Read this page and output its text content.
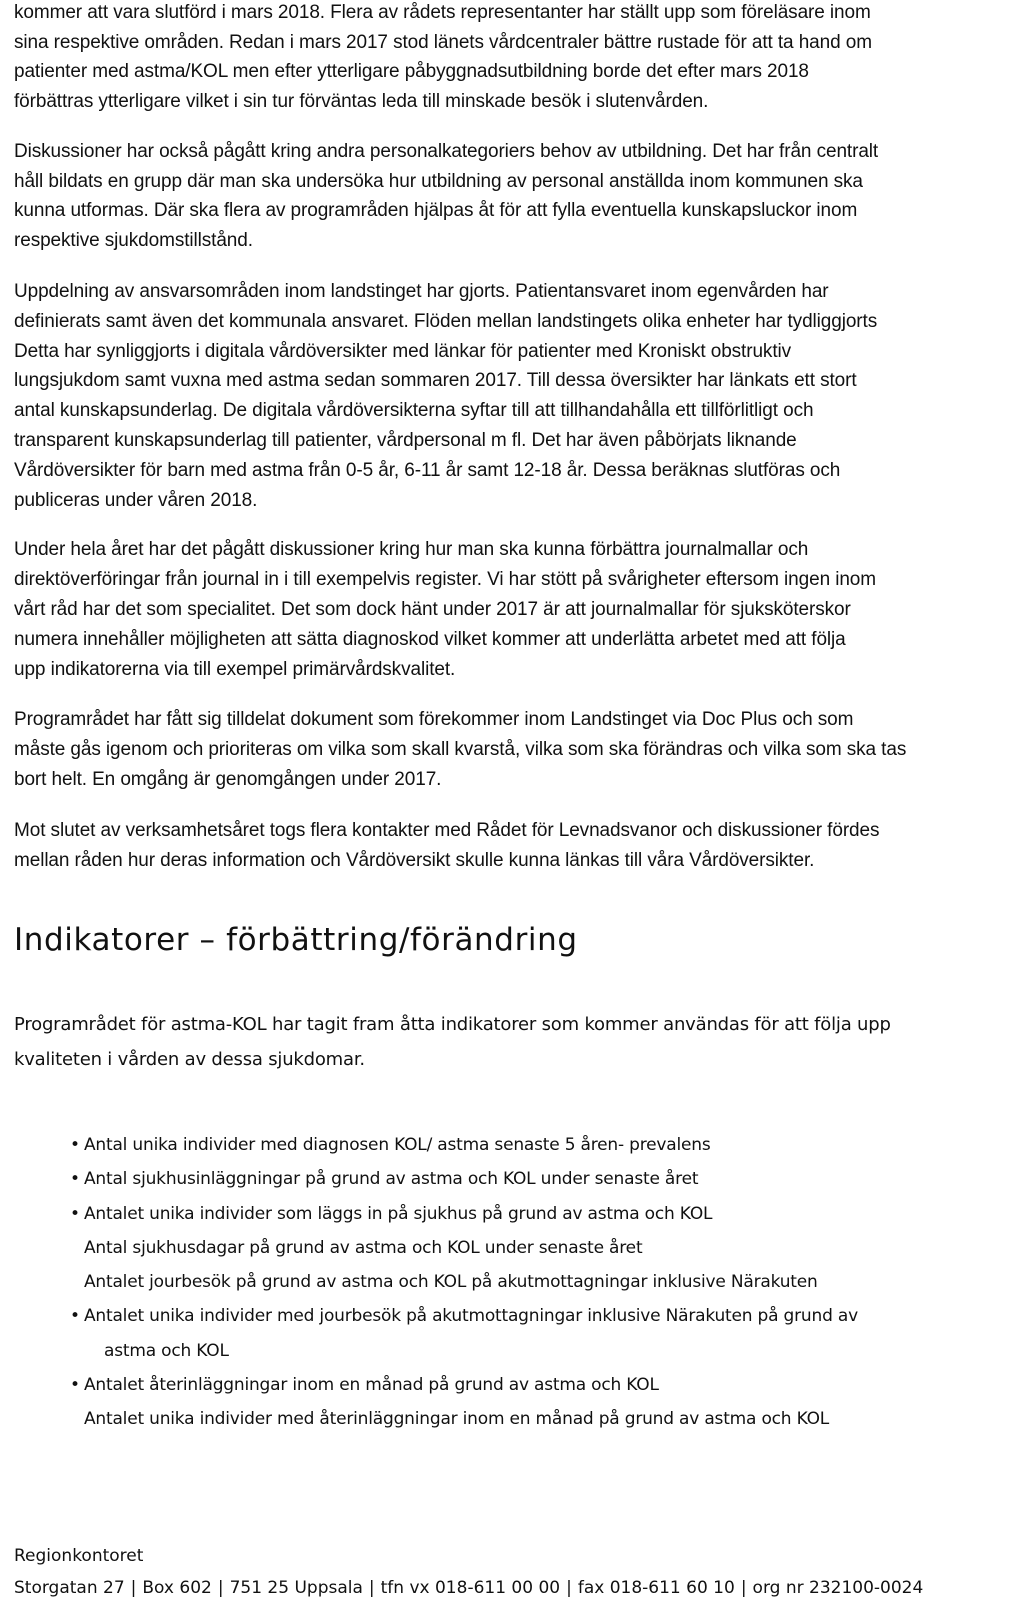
kommer att vara slutförd i mars 2018. Flera av rådets representanter har ställt upp som föreläsare inom
sina respektive områden. Redan i mars 2017 stod länets vårdcentraler bättre rustade för att ta hand om
patienter med astma/KOL men efter ytterligare påbyggnadsutbildning borde det efter mars 2018
förbättras ytterligare vilket i sin tur förväntas leda till minskade besök i slutenvården.

Diskussioner har också pågått kring andra personalkategoriers behov av utbildning. Det har från centralt
håll bildats en grupp där man ska undersöka hur utbildning av personal anställda inom kommunen ska
kunna utformas. Där ska flera av programråden hjälpas åt för att fylla eventuella kunskapsluckor inom
respektive sjukdomstillstånd.

Uppdelning av ansvarsområden inom landstinget har gjorts. Patientansvaret inom egenvården har
definierats samt även det kommunala ansvaret. Flöden mellan landstingets olika enheter har tydliggjorts
Detta har synliggjorts i digitala vårdöversikter med länkar för patienter med Kroniskt obstruktiv
lungsjukdom samt vuxna med astma sedan sommaren 2017. Till dessa översikter har länkats ett stort
antal kunskapsunderlag. De digitala vårdöversikterna syftar till att tillhandahålla ett tillförlitligt och
transparent kunskapsunderlag till patienter, vårdpersonal m fl. Det har även påbörjats liknande
Vårdöversikter för barn med astma från 0-5 år, 6-11 år samt 12-18 år. Dessa beräknas slutföras och
publiceras under våren 2018.

Under hela året har det pågått diskussioner kring hur man ska kunna förbättra journalmallar och
direktöverföringar från journal in i till exempelvis register. Vi har stött på svårigheter eftersom ingen inom
vårt råd har det som specialitet. Det som dock hänt under 2017 är att journalmallar för sjuksköterskor
numera innehåller möjligheten att sätta diagnoskod vilket kommer att underlätta arbetet med att följa
upp indikatorerna via till exempel primärvårdskvalitet.

Programrådet har fått sig tilldelat dokument som förekommer inom Landstinget via Doc Plus och som
måste gås igenom och prioriteras om vilka som skall kvarstå, vilka som ska förändras och vilka som ska tas
bort helt. En omgång är genomgången under 2017.

Mot slutet av verksamhetsåret togs flera kontakter med Rådet för Levnadsvanor och diskussioner fördes
mellan råden hur deras information och Vårdöversikt skulle kunna länkas till våra Vårdöversikter.

Indikatorer – förbättring/förändring

Programrådet för astma-KOL har tagit fram åtta indikatorer som kommer användas för att följa upp
kvaliteten i vården av dessa sjukdomar.

• Antal unika individer med diagnosen KOL/ astma senaste 5 åren- prevalens
• Antal sjukhusinläggningar på grund av astma och KOL under senaste året
• Antalet unika individer som läggs in på sjukhus på grund av astma och KOL
Antal sjukhusdagar på grund av astma och KOL under senaste året
Antalet jourbesök på grund av astma och KOL på akutmottagningar inklusive Närakuten
• Antalet unika individer med jourbesök på akutmottagningar inklusive Närakuten på grund av
astma och KOL
• Antalet återinläggningar inom en månad på grund av astma och KOL
Antalet unika individer med återinläggningar inom en månad på grund av astma och KOL
Regionkontoret
Storgatan 27 | Box 602 | 751 25 Uppsala | tfn vx 018-611 00 00 | fax 018-611 60 10 | org nr 232100-0024
